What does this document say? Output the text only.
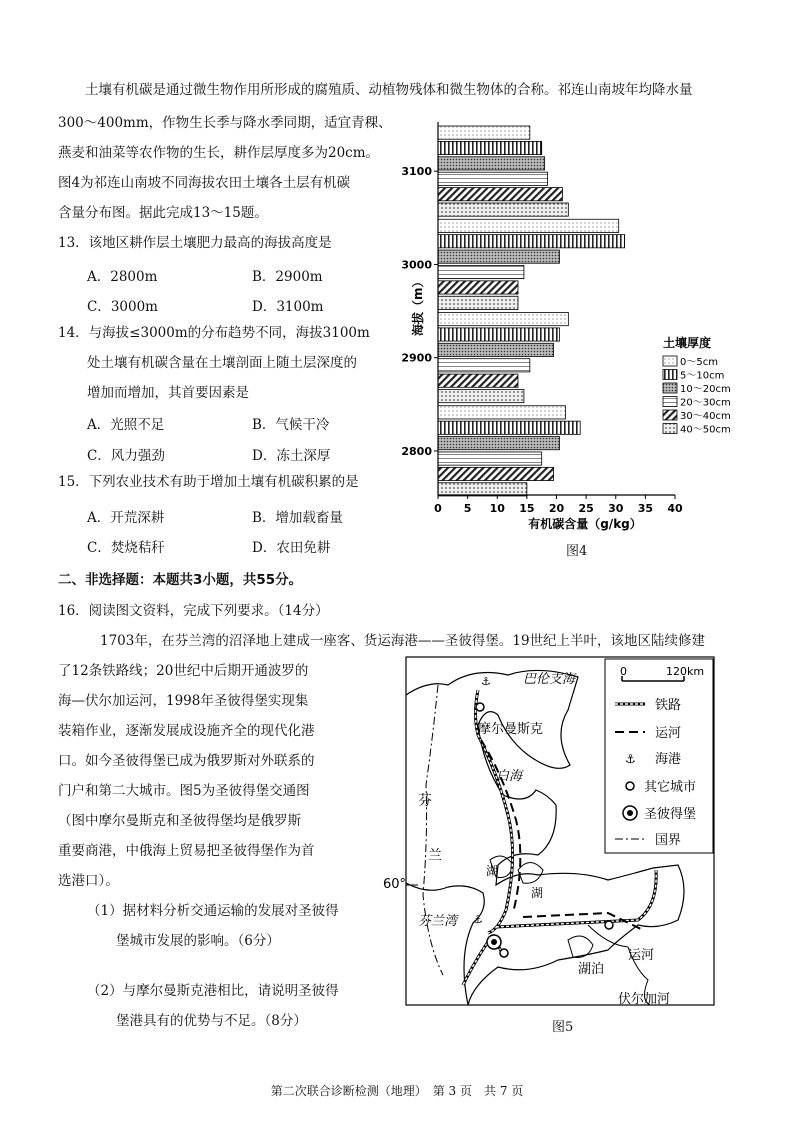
土壤有机碳是通过微生物作用所形成的腐殖质、动植物残体和微生物体的合称。祁连山南坡年均降水量
300～400mm，作物生长季与降水季同期，适宜青稞、
燕麦和油菜等农作物的生长，耕作层厚度多为20cm。
图4为祁连山南坡不同海拔农田土壤各土层有机碳
含量分布图。据此完成13～15题。
13．该地区耕作层土壤肥力最高的海拔高度是
A．2800m	B．2900m
C．3000m	D．3100m
14．与海拔≤3000m的分布趋势不同，海拔3100m
处土壤有机碳含量在土壤剖面上随土层深度的
增加而增加，其首要因素是
A．光照不足	B．气候干冷
C．风力强劲	D．冻土深厚
15．下列农业技术有助于增加土壤有机碳积累的是
A．开荒深耕	B．增加载畜量
C．焚烧秸秆	D．农田免耕
3100
3000
2900
2800
0 5 10 15 20 25 30 35 40
海拔（m）
有机碳含量（g/kg）
土壤厚度
0～5cm
5～10cm
10～20cm
20～30cm
30～40cm
40～50cm
图4
二、非选择题：本题共3小题，共55分。
16．阅读图文资料，完成下列要求。（14分）
1703年，在芬兰湾的沼泽地上建成一座客、货运海港——圣彼得堡。19世纪上半叶，该地区陆续修建
了12条铁路线；20世纪中后期开通波罗的
海—伏尔加运河，1998年圣彼得堡实现集
装箱作业，逐渐发展成设施齐全的现代化港
口。如今圣彼得堡已成为俄罗斯对外联系的
门户和第二大城市。图5为圣彼得堡交通图
（图中摩尔曼斯克和圣彼得堡均是俄罗斯
重要商港，中俄海上贸易把圣彼得堡作为首
选港口）。
（1）据材料分析交通运输的发展对圣彼得
堡城市发展的影响。（6分）
（2）与摩尔曼斯克港相比，请说明圣彼得
堡港具有的优势与不足。（8分）
⚓
⚓
巴伦支海
摩尔曼斯克
白海
芬
兰
60°
芬兰湾
湖
湖
运河
湖泊
伏尔加河
0	120km
铁路
运河
⚓ 海港
其它城市
圣彼得堡
国界
图5
第二次联合诊断检测（地理）　第 3 页　共 7 页
